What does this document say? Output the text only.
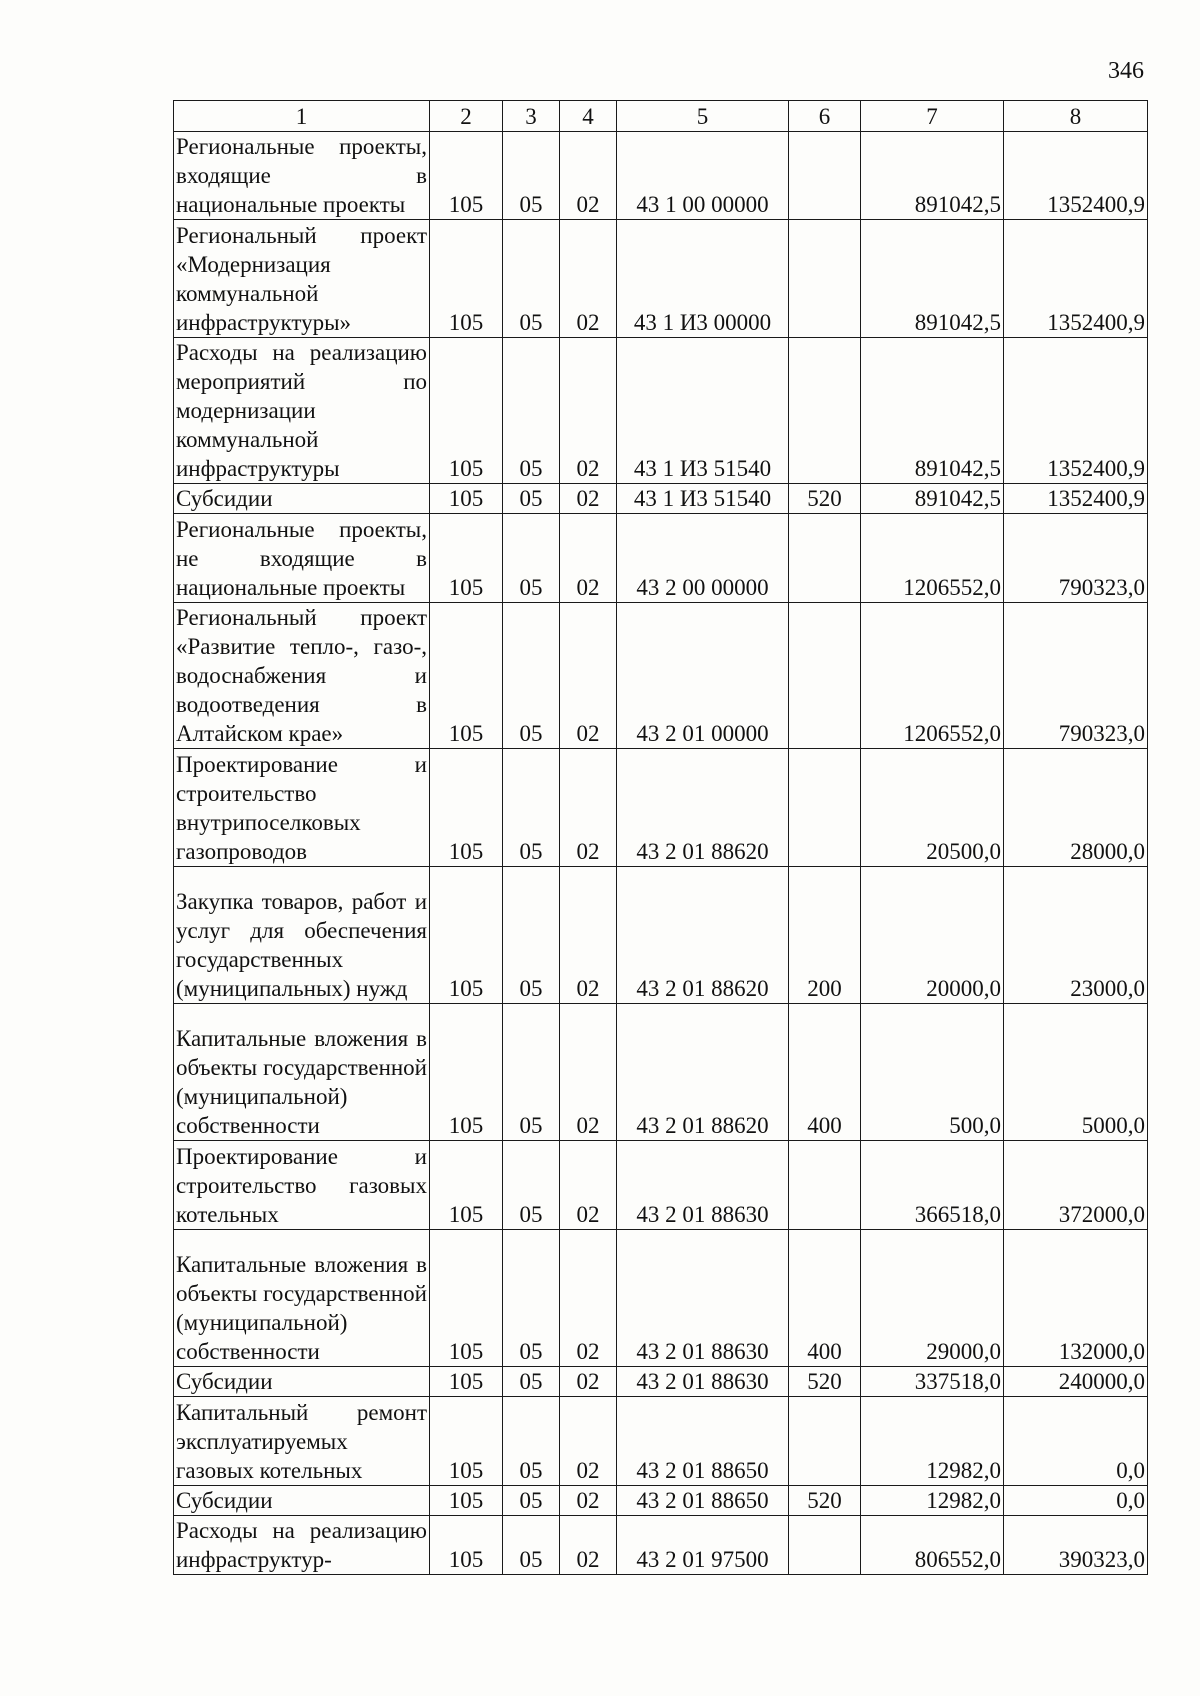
346
1	2	3	4	5	6	7	8
Региональные проекты, входящие в национальные проекты	105	05	02	43 1 00 00000		891042,5	1352400,9
Региональный проект «Модернизация коммунальной инфраструктуры»	105	05	02	43 1 И3 00000		891042,5	1352400,9
Расходы на реализацию мероприятий по модернизации коммунальной инфраструктуры	105	05	02	43 1 И3 51540		891042,5	1352400,9
Субсидии	105	05	02	43 1 И3 51540	520	891042,5	1352400,9
Региональные проекты, не входящие в национальные проекты	105	05	02	43 2 00 00000		1206552,0	790323,0
Региональный проект «Развитие тепло-, газо-, водоснабжения и водоотведения в Алтайском крае»	105	05	02	43 2 01 00000		1206552,0	790323,0
Проектирование и строительство внутрипоселковых газопроводов	105	05	02	43 2 01 88620		20500,0	28000,0
Закупка товаров, работ и услуг для обеспечения государственных (муниципальных) нужд	105	05	02	43 2 01 88620	200	20000,0	23000,0
Капитальные вложения в объекты государственной (муниципальной) собственности	105	05	02	43 2 01 88620	400	500,0	5000,0
Проектирование и строительство газовых котельных	105	05	02	43 2 01 88630		366518,0	372000,0
Капитальные вложения в объекты государственной (муниципальной) собственности	105	05	02	43 2 01 88630	400	29000,0	132000,0
Субсидии	105	05	02	43 2 01 88630	520	337518,0	240000,0
Капитальный ремонт эксплуатируемых газовых котельных	105	05	02	43 2 01 88650		12982,0	0,0
Субсидии	105	05	02	43 2 01 88650	520	12982,0	0,0
Расходы на реализацию инфраструктур-	105	05	02	43 2 01 97500		806552,0	390323,0
